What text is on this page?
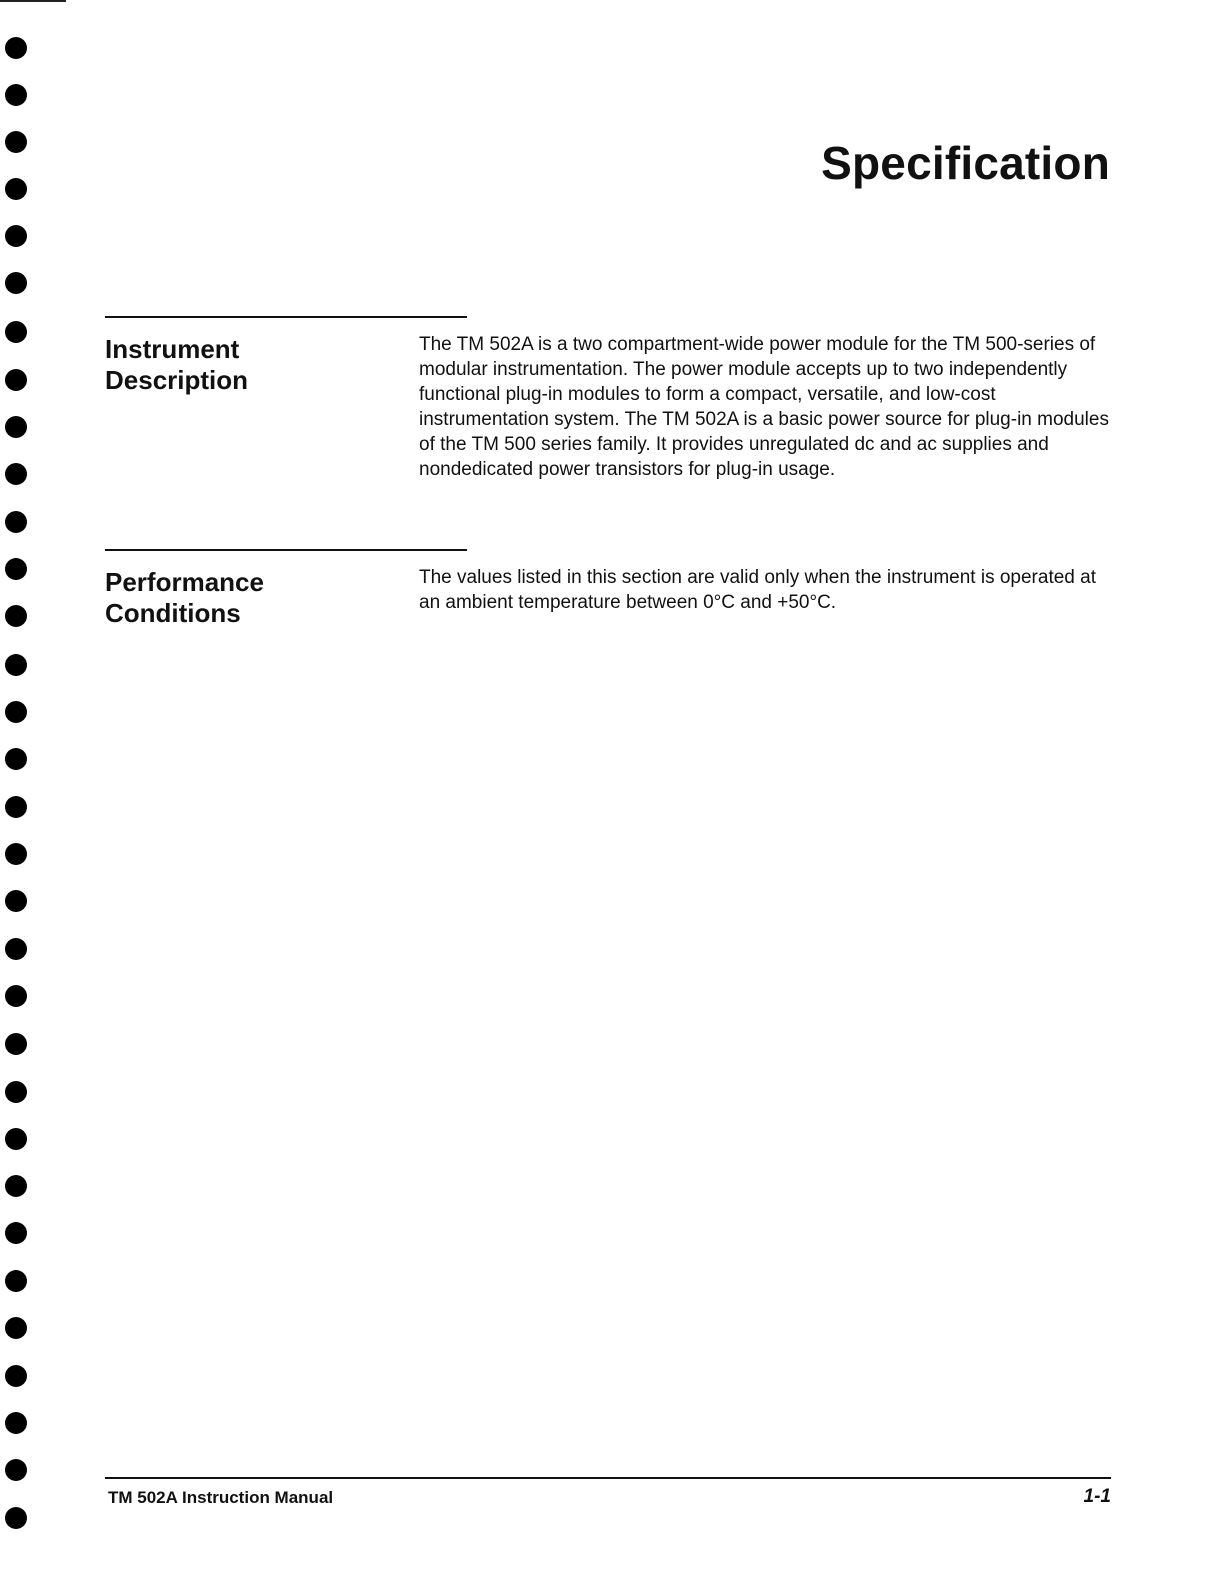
Specification
Instrument
Description

The TM 502A is a two compartment-wide power module for the TM 500-series of modular instrumentation. The power module accepts up to two independently functional plug-in modules to form a compact, versatile, and low-cost instrumentation system. The TM 502A is a basic power source for plug-in modules of the TM 500 series family. It provides unregulated dc and ac supplies and nondedicated power transistors for plug-in usage.

Performance
Conditions

The values listed in this section are valid only when the instrument is operated at an ambient temperature between 0°C and +50°C.

TM 502A Instruction Manual	1-1
